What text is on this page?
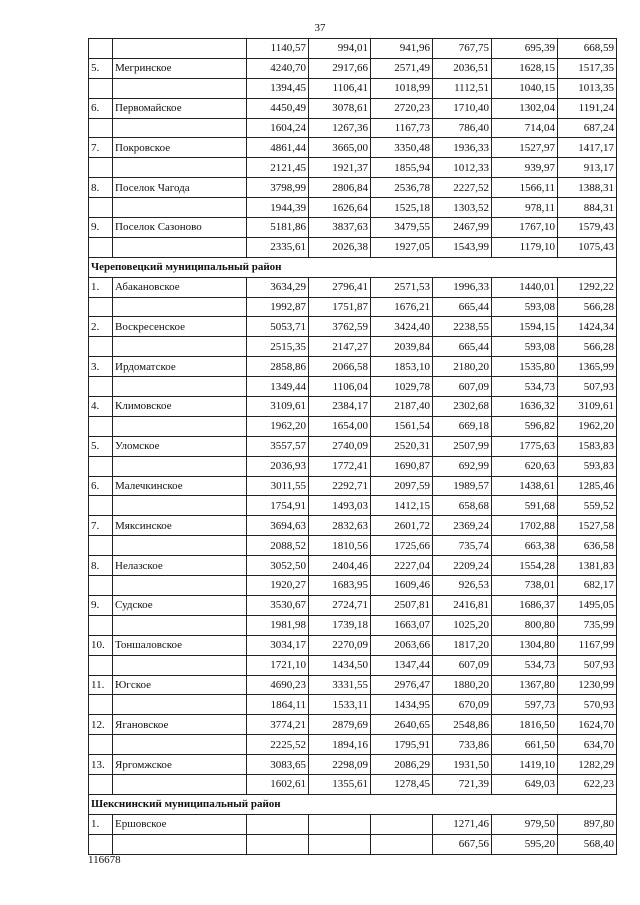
37
		1140,57	994,01	941,96	767,75	695,39	668,59
5.	Мегринское	4240,70	2917,66	2571,49	2036,51	1628,15	1517,35
		1394,45	1106,41	1018,99	1112,51	1040,15	1013,35
6.	Первомайское	4450,49	3078,61	2720,23	1710,40	1302,04	1191,24
		1604,24	1267,36	1167,73	786,40	714,04	687,24
7.	Покровское	4861,44	3665,00	3350,48	1936,33	1527,97	1417,17
		2121,45	1921,37	1855,94	1012,33	939,97	913,17
8.	Поселок Чагода	3798,99	2806,84	2536,78	2227,52	1566,11	1388,31
		1944,39	1626,64	1525,18	1303,52	978,11	884,31
9.	Поселок Сазоново	5181,86	3837,63	3479,55	2467,99	1767,10	1579,43
		2335,61	2026,38	1927,05	1543,99	1179,10	1075,43
Череповецкий муниципальный район							
1.	Абакановское	3634,29	2796,41	2571,53	1996,33	1440,01	1292,22
		1992,87	1751,87	1676,21	665,44	593,08	566,28
2.	Воскресенское	5053,71	3762,59	3424,40	2238,55	1594,15	1424,34
		2515,35	2147,27	2039,84	665,44	593,08	566,28
3.	Ирдоматское	2858,86	2066,58	1853,10	2180,20	1535,80	1365,99
		1349,44	1106,04	1029,78	607,09	534,73	507,93
4.	Климовское	3109,61	2384,17	2187,40	2302,68	1636,32	3109,61
		1962,20	1654,00	1561,54	669,18	596,82	1962,20
5.	Уломское	3557,57	2740,09	2520,31	2507,99	1775,63	1583,83
		2036,93	1772,41	1690,87	692,99	620,63	593,83
6.	Малечкинское	3011,55	2292,71	2097,59	1989,57	1438,61	1285,46
		1754,91	1493,03	1412,15	658,68	591,68	559,52
7.	Мяксинское	3694,63	2832,63	2601,72	2369,24	1702,88	1527,58
		2088,52	1810,56	1725,66	735,74	663,38	636,58
8.	Нелазское	3052,50	2404,46	2227,04	2209,24	1554,28	1381,83
		1920,27	1683,95	1609,46	926,53	738,01	682,17
9.	Судское	3530,67	2724,71	2507,81	2416,81	1686,37	1495,05
		1981,98	1739,18	1663,07	1025,20	800,80	735,99
10.	Тоншаловское	3034,17	2270,09	2063,66	1817,20	1304,80	1167,99
		1721,10	1434,50	1347,44	607,09	534,73	507,93
11.	Югское	4690,23	3331,55	2976,47	1880,20	1367,80	1230,99
		1864,11	1533,11	1434,95	670,09	597,73	570,93
12.	Ягановское	3774,21	2879,69	2640,65	2548,86	1816,50	1624,70
		2225,52	1894,16	1795,91	733,86	661,50	634,70
13.	Яргомжское	3083,65	2298,09	2086,29	1931,50	1419,10	1282,29
		1602,61	1355,61	1278,45	721,39	649,03	622,23
Шекснинский муниципальный район							
1.	Ершовское				1271,46	979,50	897,80
					667,56	595,20	568,40
116678
